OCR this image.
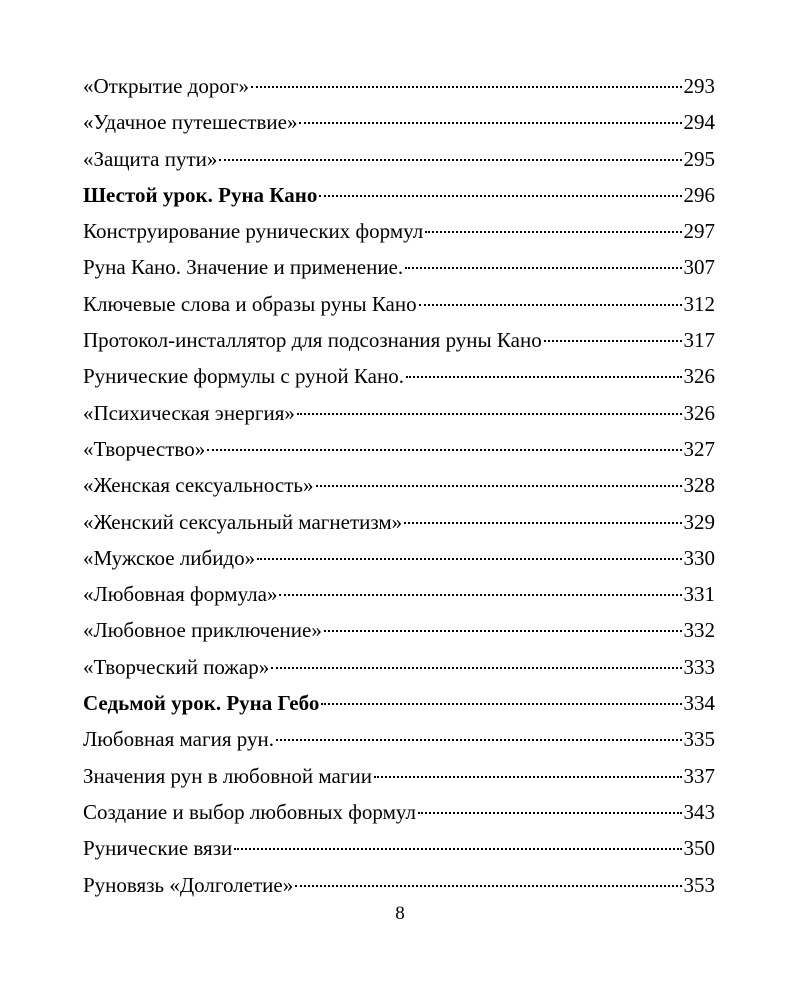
«Открытие дорог»	293
«Удачное путешествие»	294
«Защита пути»	295
Шестой урок. Руна Кано	296
Конструирование рунических формул	297
Руна Кано. Значение и применение.	307
Ключевые слова и образы руны Кано	312
Протокол-инсталлятор для подсознания руны Кано	317
Рунические формулы с руной Кано.	326
«Психическая энергия»	326
«Творчество»	327
«Женская сексуальность»	328
«Женский сексуальный магнетизм»	329
«Мужское либидо»	330
«Любовная формула»	331
«Любовное приключение»	332
«Творческий пожар»	333
Седьмой урок. Руна Гебо	334
Любовная магия рун.	335
Значения рун в любовной магии	337
Создание и выбор любовных формул	343
Рунические вязи	350
Руновязь «Долголетие»	353
8
